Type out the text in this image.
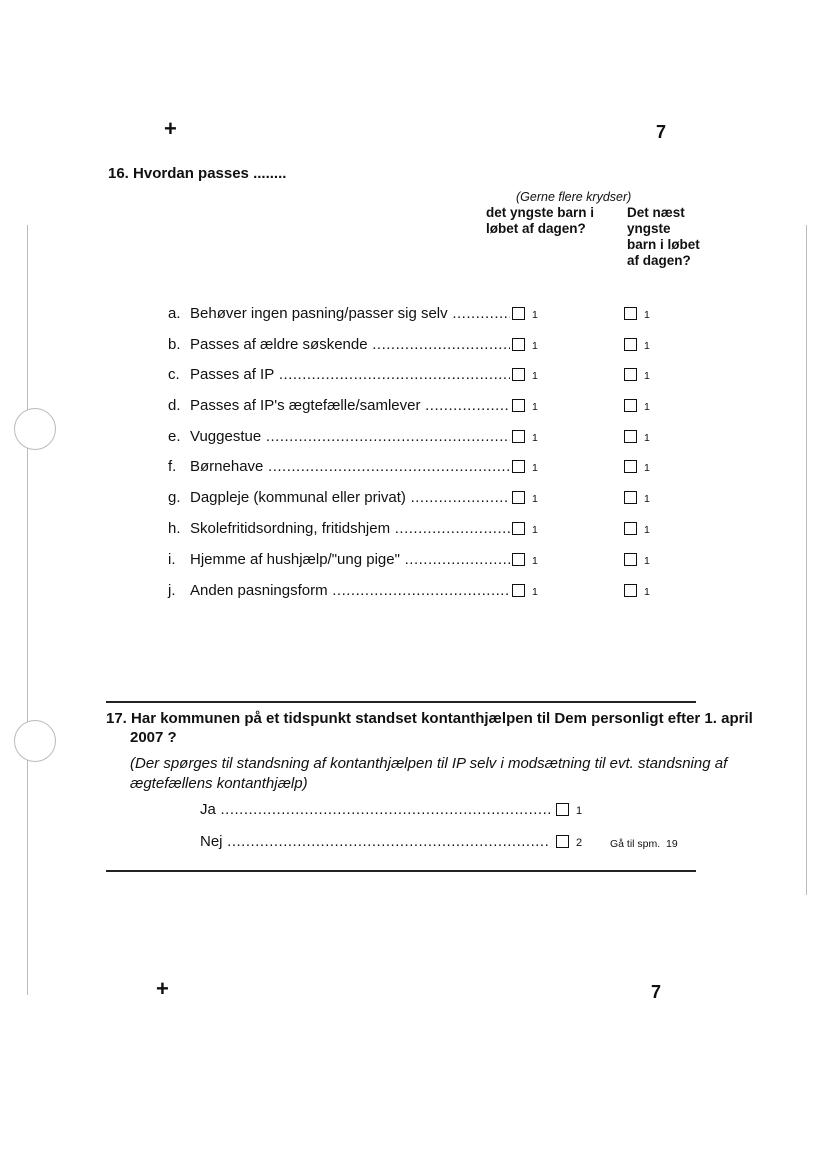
+	7
16. Hvordan passes ........
(Gerne flere krydser)
det yngste barn i
løbet af dagen?
Det næst
yngste
barn i løbet
af dagen?
a. Behøver ingen pasning/passer sig selv .....	1	1
b. Passes af ældre søskende .....	1	1
c. Passes af IP .....	1	1
d. Passes af IP's ægtefælle/samlever .....	1	1
e. Vuggestue .....	1	1
f. Børnehave .....	1	1
g. Dagpleje (kommunal eller privat) .....	1	1
h. Skolefritidsordning, fritidshjem .....	1	1
i. Hjemme af hushjælp/"ung pige" .....	1	1
j. Anden pasningsform .....	1	1
17. Har kommunen på et tidspunkt standset kontanthjælpen til Dem personligt efter 1. april
2007 ?
(Der spørges til standsning af kontanthjælpen til IP selv i modsætning til evt. standsning af
ægtefællens kontanthjælp)
Ja .....	1
Nej .....	2	Gå til spm.  19
+	7
